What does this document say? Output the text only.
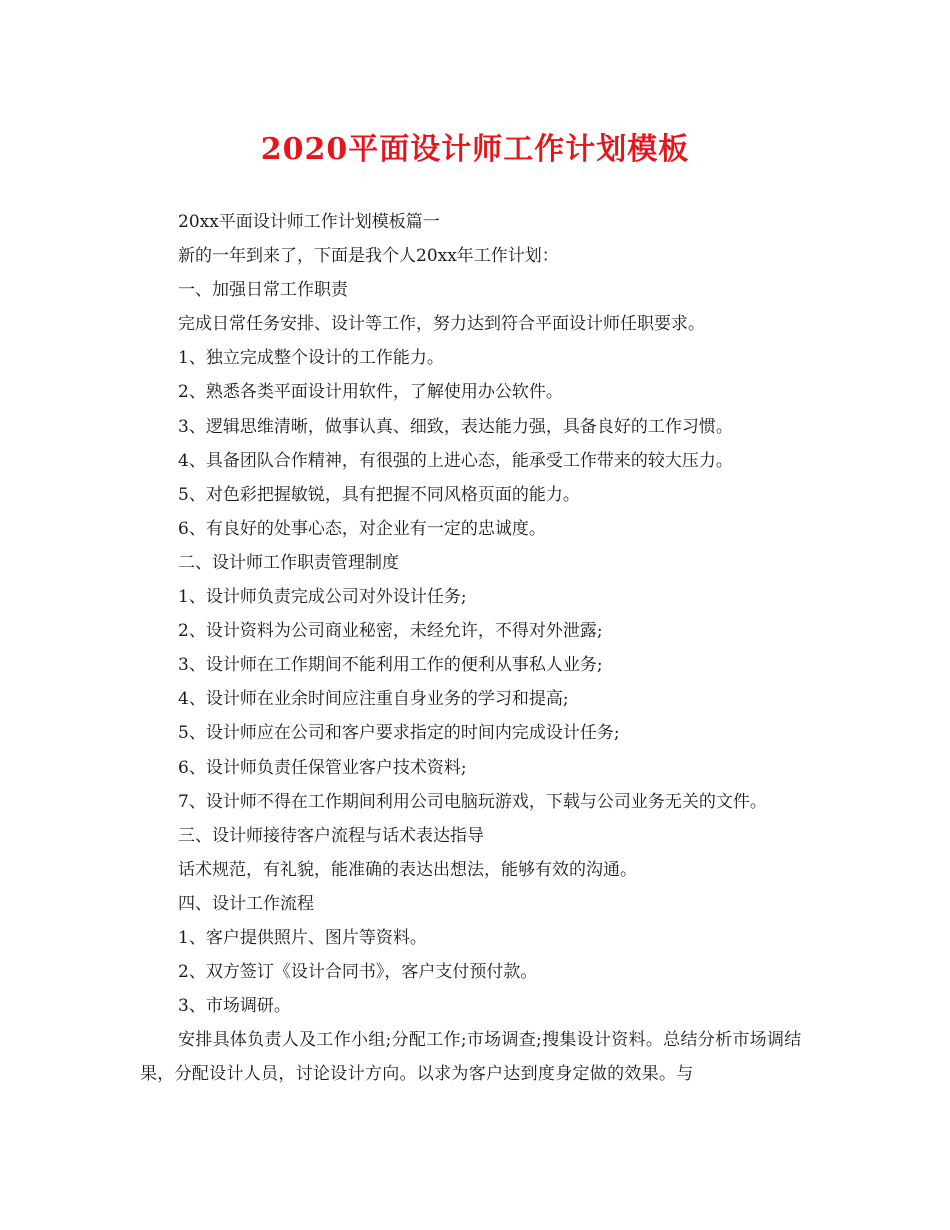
2020平面设计师工作计划模板

20xx平面设计师工作计划模板篇一

新的一年到来了，下面是我个人20xx年工作计划：

一、加强日常工作职责

完成日常任务安排、设计等工作，努力达到符合平面设计师任职要求。

1、独立完成整个设计的工作能力。

2、熟悉各类平面设计用软件，了解使用办公软件。

3、逻辑思维清晰，做事认真、细致，表达能力强，具备良好的工作习惯。

4、具备团队合作精神，有很强的上进心态，能承受工作带来的较大压力。

5、对色彩把握敏锐，具有把握不同风格页面的能力。

6、有良好的处事心态，对企业有一定的忠诚度。

二、设计师工作职责管理制度

1、设计师负责完成公司对外设计任务;

2、设计资料为公司商业秘密，未经允许，不得对外泄露;

3、设计师在工作期间不能利用工作的便利从事私人业务;

4、设计师在业余时间应注重自身业务的学习和提高;

5、设计师应在公司和客户要求指定的时间内完成设计任务;

6、设计师负责任保管业客户技术资料;

7、设计师不得在工作期间利用公司电脑玩游戏，下载与公司业务无关的文件。

三、设计师接待客户流程与话术表达指导

话术规范，有礼貌，能准确的表达出想法，能够有效的沟通。

四、设计工作流程

1、客户提供照片、图片等资料。

2、双方签订《设计合同书》，客户支付预付款。

3、市场调研。

安排具体负责人及工作小组;分配工作;市场调查;搜集设计资料。总结分析市场调结果，分配设计人员，讨论设计方向。以求为客户达到度身定做的效果。与
